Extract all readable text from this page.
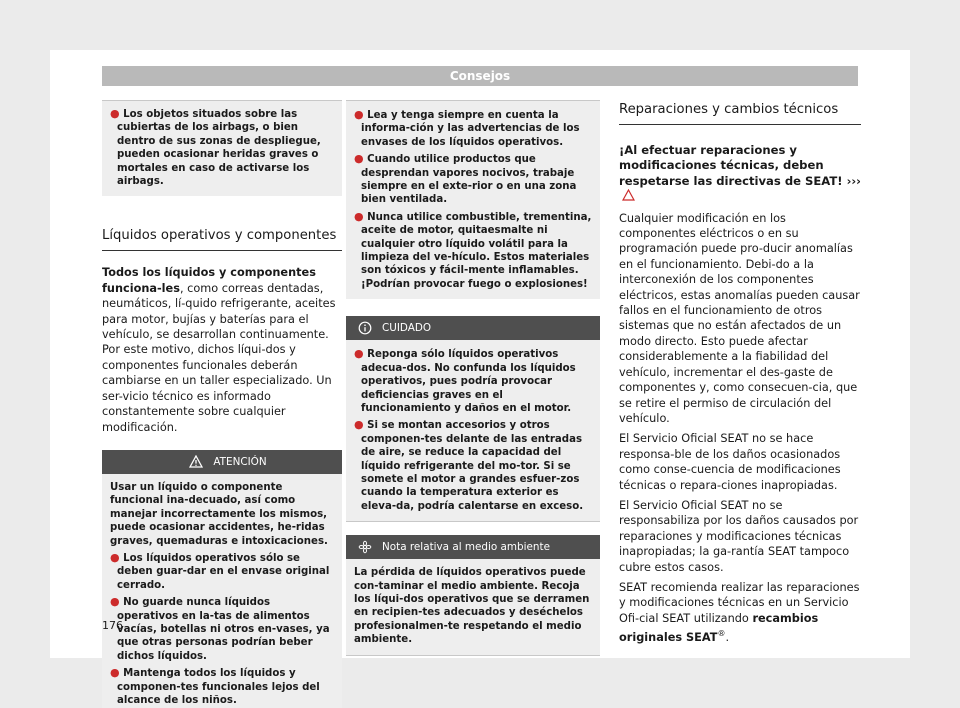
Consejos
● Los objetos situados sobre las cubiertas de los airbags, o bien dentro de sus zonas de despliegue, pueden ocasionar heridas graves o mortales en caso de activarse los airbags.
Líquidos operativos y componentes
Todos los líquidos y componentes funciona-les, como correas dentadas, neumáticos, lí-quido refrigerante, aceites para motor, bujías y baterías para el vehículo, se desarrollan continuamente. Por este motivo, dichos líqui-dos y componentes funcionales deberán cambiarse en un taller especializado. Un ser-vicio técnico es informado constantemente sobre cualquier modificación.
ATENCIÓN
Usar un líquido o componente funcional ina-decuado, así como manejar incorrectamente los mismos, puede ocasionar accidentes, he-ridas graves, quemaduras e intoxicaciones.
● Los líquidos operativos sólo se deben guar-dar en el envase original cerrado.
● No guarde nunca líquidos operativos en la-tas de alimentos vacías, botellas ni otros en-vases, ya que otras personas podrían beber dichos líquidos.
● Mantenga todos los líquidos y componen-tes funcionales lejos del alcance de los niños.
● Lea y tenga siempre en cuenta la informa-ción y las advertencias de los envases de los líquidos operativos.
● Cuando utilice productos que desprendan vapores nocivos, trabaje siempre en el exte-rior o en una zona bien ventilada.
● Nunca utilice combustible, trementina, aceite de motor, quitaesmalte ni cualquier otro líquido volátil para la limpieza del ve-hículo. Estos materiales son tóxicos y fácil-mente inflamables. ¡Podrían provocar fuego o explosiones!
CUIDADO
● Reponga sólo líquidos operativos adecua-dos. No confunda los líquidos operativos, pues podría provocar deficiencias graves en el funcionamiento y daños en el motor.
● Si se montan accesorios y otros componen-tes delante de las entradas de aire, se reduce la capacidad del líquido refrigerante del mo-tor. Si se somete el motor a grandes esfuer-zos cuando la temperatura exterior es eleva-da, podría calentarse en exceso.
Nota relativa al medio ambiente
La pérdida de líquidos operativos puede con-taminar el medio ambiente. Recoja los líqui-dos operativos que se derramen en recipien-tes adecuados y deséchelos profesionalmen-te respetando el medio ambiente.
Reparaciones y cambios técnicos
¡Al efectuar reparaciones y modificaciones técnicas, deben respetarse las directivas de SEAT! ›››
Cualquier modificación en los componentes eléctricos o en su programación puede pro-ducir anomalías en el funcionamiento. Debi-do a la interconexión de los componentes eléctricos, estas anomalías pueden causar fallos en el funcionamiento de otros sistemas que no están afectados de un modo directo. Esto puede afectar considerablemente a la fiabilidad del vehículo, incrementar el des-gaste de componentes y, como consecuen-cia, que se retire el permiso de circulación del vehículo.
El Servicio Oficial SEAT no se hace responsa-ble de los daños ocasionados como conse-cuencia de modificaciones técnicas o repara-ciones inapropiadas.
El Servicio Oficial SEAT no se responsabiliza por los daños causados por reparaciones y modificaciones técnicas inapropiadas; la ga-rantía SEAT tampoco cubre estos casos.
SEAT recomienda realizar las reparaciones y modificaciones técnicas en un Servicio Ofi-cial SEAT utilizando recambios originales SEAT®.
176
